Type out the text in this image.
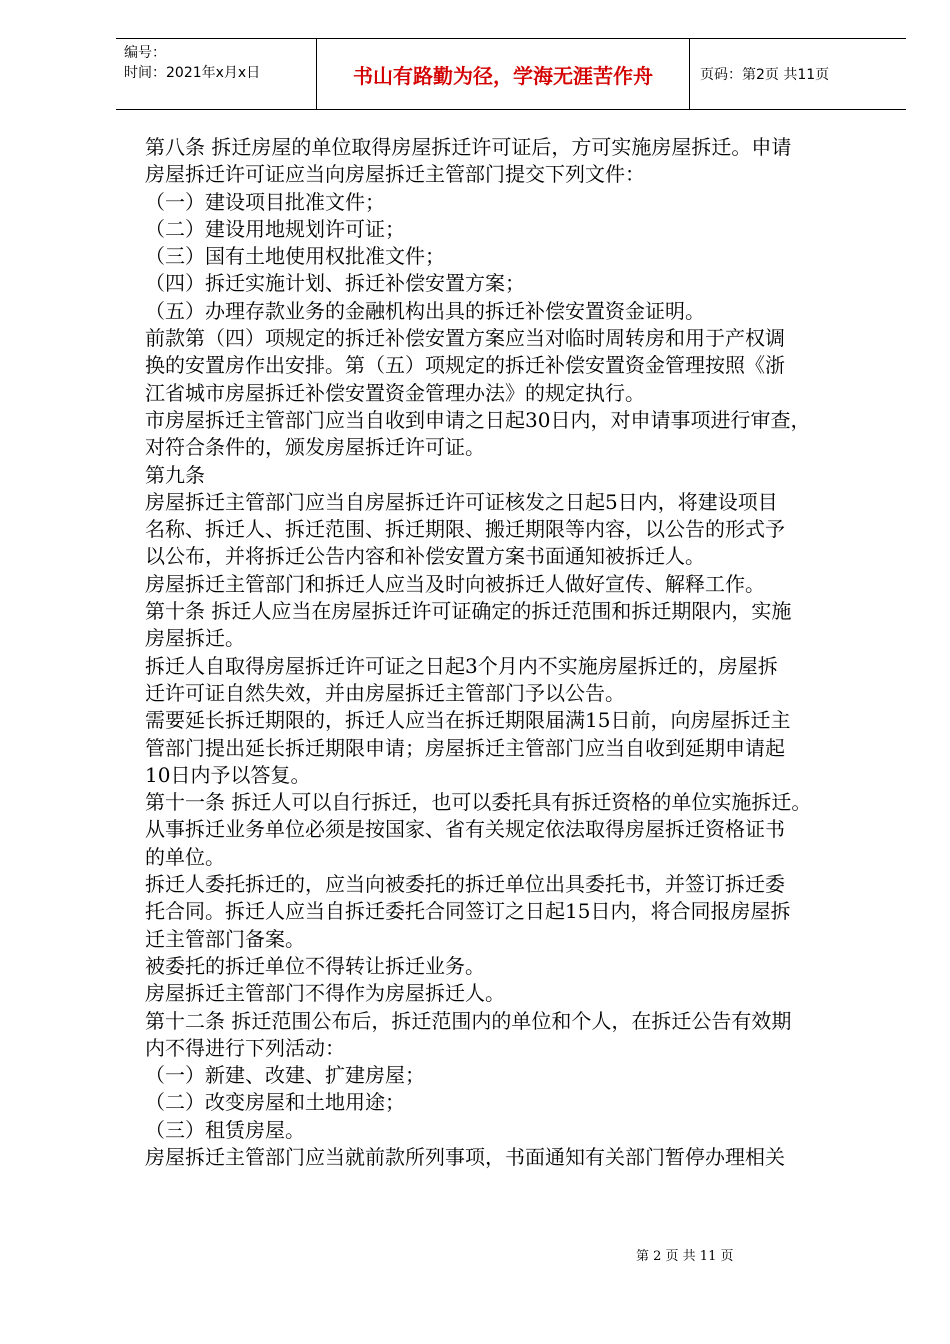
编号：
时间：2021年x月x日	书山有路勤为径，学海无涯苦作舟	页码：第2页 共11页
第八条 拆迁房屋的单位取得房屋拆迁许可证后，方可实施房屋拆迁。申请
房屋拆迁许可证应当向房屋拆迁主管部门提交下列文件：
（一）建设项目批准文件；
（二）建设用地规划许可证；
（三）国有土地使用权批准文件；
（四）拆迁实施计划、拆迁补偿安置方案；
（五）办理存款业务的金融机构出具的拆迁补偿安置资金证明。
前款第（四）项规定的拆迁补偿安置方案应当对临时周转房和用于产权调
换的安置房作出安排。第（五）项规定的拆迁补偿安置资金管理按照《浙
江省城市房屋拆迁补偿安置资金管理办法》的规定执行。
市房屋拆迁主管部门应当自收到申请之日起30日内，对申请事项进行审查，
对符合条件的，颁发房屋拆迁许可证。
第九条
房屋拆迁主管部门应当自房屋拆迁许可证核发之日起5日内，将建设项目
名称、拆迁人、拆迁范围、拆迁期限、搬迁期限等内容，以公告的形式予
以公布，并将拆迁公告内容和补偿安置方案书面通知被拆迁人。
房屋拆迁主管部门和拆迁人应当及时向被拆迁人做好宣传、解释工作。
第十条 拆迁人应当在房屋拆迁许可证确定的拆迁范围和拆迁期限内，实施
房屋拆迁。
拆迁人自取得房屋拆迁许可证之日起3个月内不实施房屋拆迁的，房屋拆
迁许可证自然失效，并由房屋拆迁主管部门予以公告。
需要延长拆迁期限的，拆迁人应当在拆迁期限届满15日前，向房屋拆迁主
管部门提出延长拆迁期限申请；房屋拆迁主管部门应当自收到延期申请起
10日内予以答复。
第十一条 拆迁人可以自行拆迁，也可以委托具有拆迁资格的单位实施拆迁。
从事拆迁业务单位必须是按国家、省有关规定依法取得房屋拆迁资格证书
的单位。
拆迁人委托拆迁的，应当向被委托的拆迁单位出具委托书，并签订拆迁委
托合同。拆迁人应当自拆迁委托合同签订之日起15日内，将合同报房屋拆
迁主管部门备案。
被委托的拆迁单位不得转让拆迁业务。
房屋拆迁主管部门不得作为房屋拆迁人。
第十二条 拆迁范围公布后，拆迁范围内的单位和个人，在拆迁公告有效期
内不得进行下列活动：
（一）新建、改建、扩建房屋；
（二）改变房屋和土地用途；
（三）租赁房屋。
房屋拆迁主管部门应当就前款所列事项，书面通知有关部门暂停办理相关
第 2 页 共 11 页
